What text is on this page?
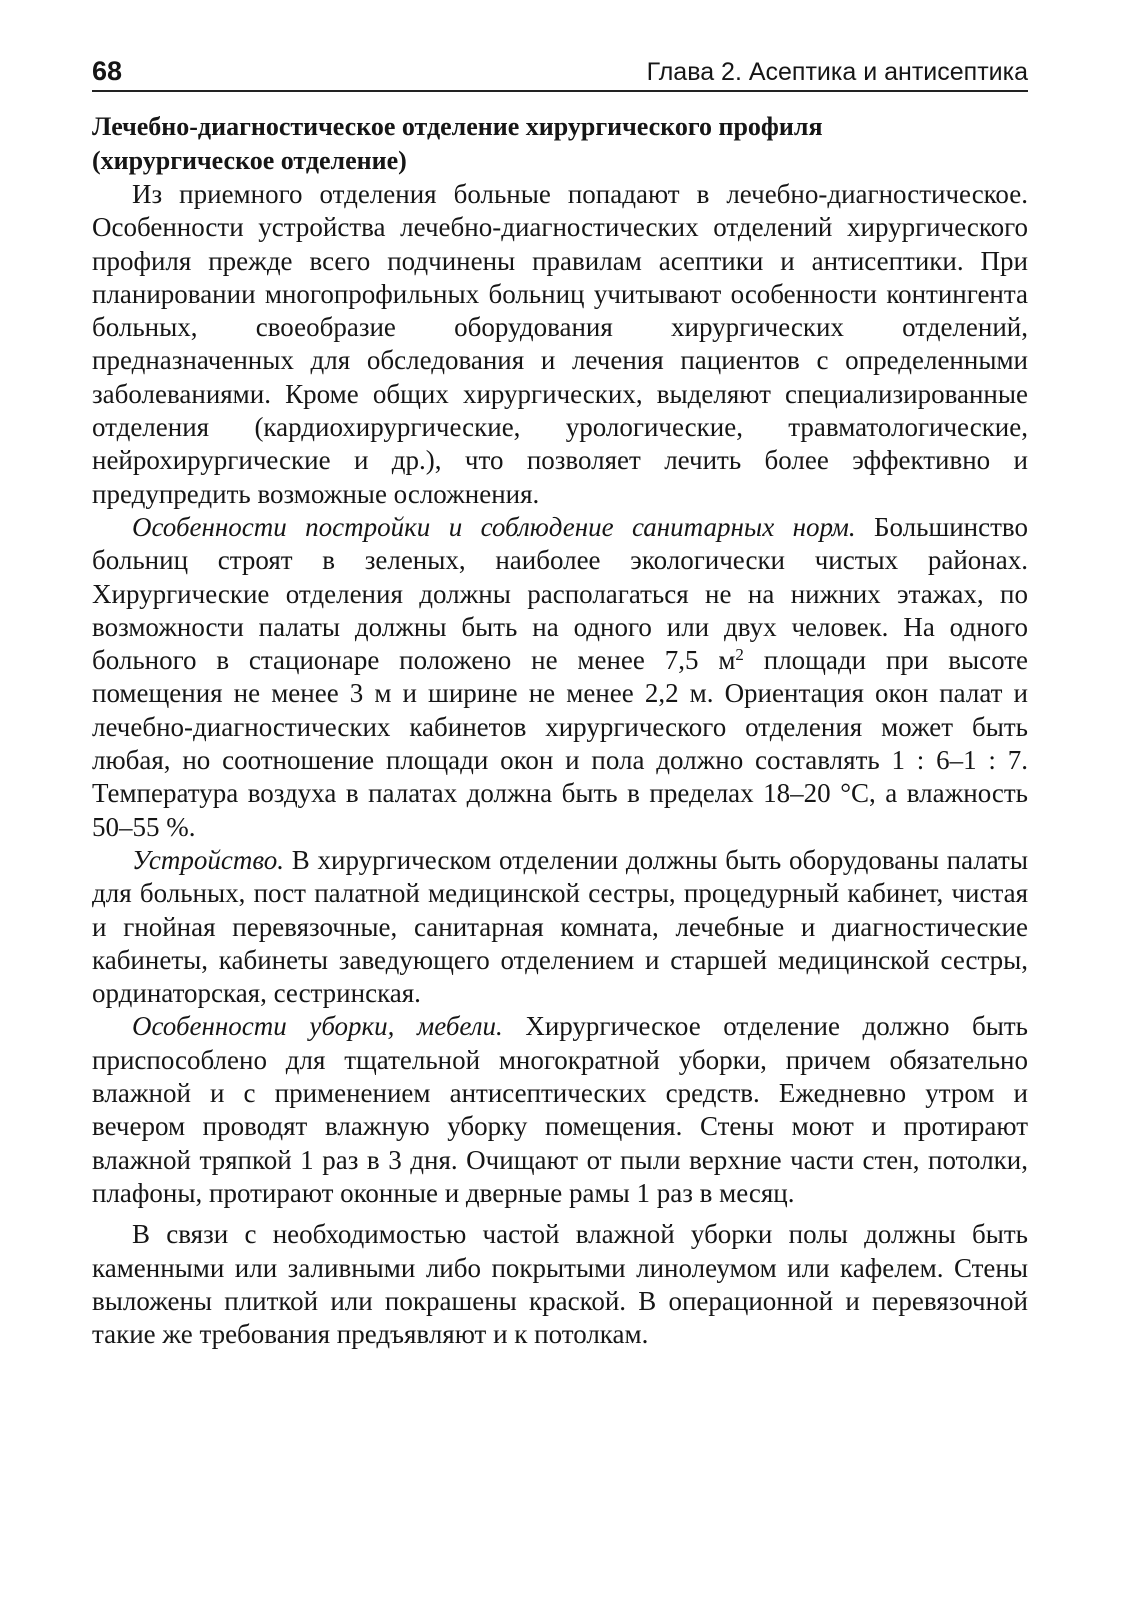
68	Глава 2. Асептика и антисептика
Лечебно-диагностическое отделение хирургического профиля
(хирургическое отделение)

Из приемного отделения больные попадают в лечебно-диагностическое. Особенности устройства лечебно-диагностических отделений хирургического профиля прежде всего подчинены правилам асептики и антисептики. При планировании многопрофильных больниц учитывают особенности контингента больных, своеобразие оборудования хирургических отделений, предназначенных для обследования и лечения пациентов с определенными заболеваниями. Кроме общих хирургических, выделяют специализированные отделения (кардиохирургические, урологические, травматологические, нейрохирургические и др.), что позволяет лечить более эффективно и предупредить возможные осложнения.

Особенности постройки и соблюдение санитарных норм. Большинство больниц строят в зеленых, наиболее экологически чистых районах. Хирургические отделения должны располагаться не на нижних этажах, по возможности палаты должны быть на одного или двух человек. На одного больного в стационаре положено не менее 7,5 $м^2$ площади при высоте помещения не менее 3 м и ширине не менее 2,2 м. Ориентация окон палат и лечебно-диагностических кабинетов хирургического отделения может быть любая, но соотношение площади окон и пола должно составлять 1 : 6–1 : 7. Температура воздуха в палатах должна быть в пределах 18–20 °С, а влажность 50–55 %.

Устройство. В хирургическом отделении должны быть оборудованы палаты для больных, пост палатной медицинской сестры, процедурный кабинет, чистая и гнойная перевязочные, санитарная комната, лечебные и диагностические кабинеты, кабинеты заведующего отделением и старшей медицинской сестры, ординаторская, сестринская.

Особенности уборки, мебели. Хирургическое отделение должно быть приспособлено для тщательной многократной уборки, причем обязательно влажной и с применением антисептических средств. Ежедневно утром и вечером проводят влажную уборку помещения. Стены моют и протирают влажной тряпкой 1 раз в 3 дня. Очищают от пыли верхние части стен, потолки, плафоны, протирают оконные и дверные рамы 1 раз в месяц.

В связи с необходимостью частой влажной уборки полы должны быть каменными или заливными либо покрытыми линолеумом или кафелем. Стены выложены плиткой или покрашены краской. В операционной и перевязочной такие же требования предъявляют и к потолкам.
